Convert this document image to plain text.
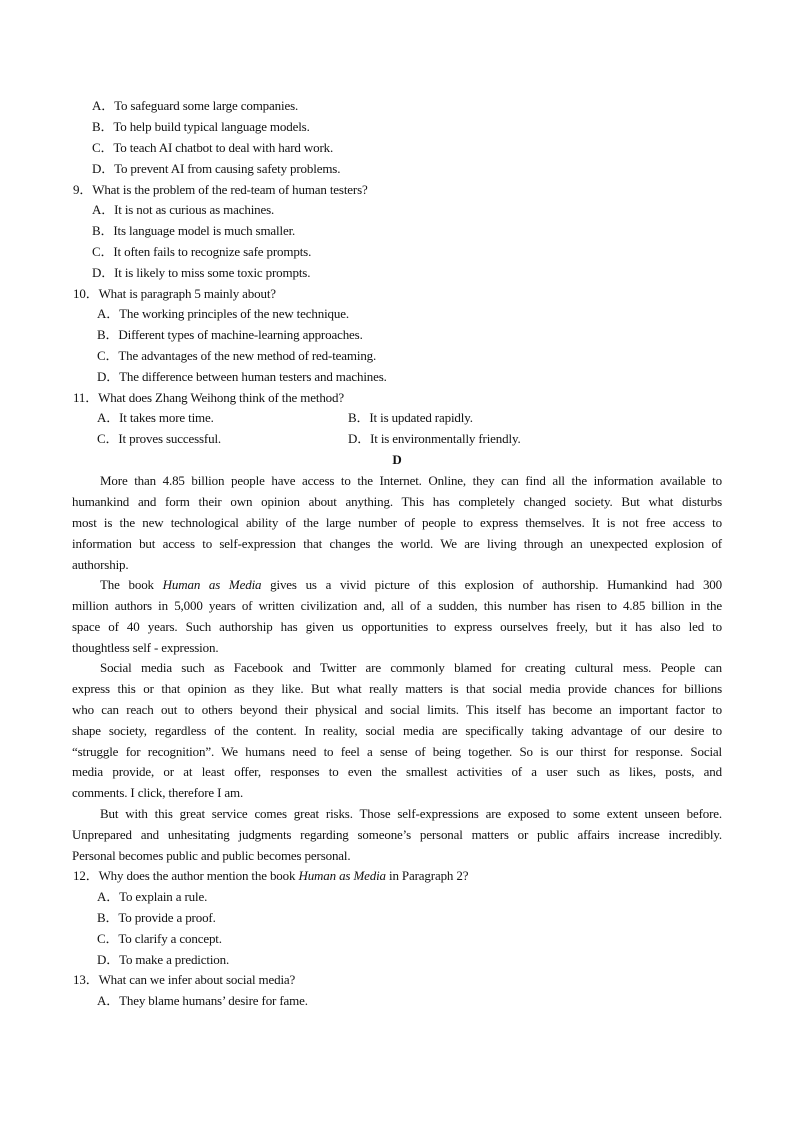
A．To safeguard some large companies.
B．To help build typical language models.
C．To teach AI chatbot to deal with hard work.
D．To prevent AI from causing safety problems.
9．What is the problem of the red-team of human testers?
A．It is not as curious as machines.
B．Its language model is much smaller.
C．It often fails to recognize safe prompts.
D．It is likely to miss some toxic prompts.
10．What is paragraph 5 mainly about?
A．The working principles of the new technique.
B．Different types of machine-learning approaches.
C．The advantages of the new method of red-teaming.
D．The difference between human testers and machines.
11．What does Zhang Weihong think of the method?
A．It takes more time.	B．It is updated rapidly.
C．It proves successful.	D．It is environmentally friendly.
D
More than 4.85 billion people have access to the Internet. Online, they can find all the information available to
humankind and form their own opinion about anything. This has completely changed society. But what disturbs
most is the new technological ability of the large number of people to express themselves. It is not free access to
information but access to self-expression that changes the world. We are living through an unexpected explosion of
authorship.
The book Human as Media gives us a vivid picture of this explosion of authorship. Humankind had 300
million authors in 5,000 years of written civilization and, all of a sudden, this number has risen to 4.85 billion in the
space of 40 years. Such authorship has given us opportunities to express ourselves freely, but it has also led to
thoughtless self - expression.
Social media such as Facebook and Twitter are commonly blamed for creating cultural mess. People can
express this or that opinion as they like. But what really matters is that social media provide chances for billions
who can reach out to others beyond their physical and social limits. This itself has become an important factor to
shape society, regardless of the content. In reality, social media are specifically taking advantage of our desire to
“struggle for recognition”. We humans need to feel a sense of being together. So is our thirst for response. Social
media provide, or at least offer, responses to even the smallest activities of a user such as likes, posts, and
comments. I click, therefore I am.
But with this great service comes great risks. Those self-expressions are exposed to some extent unseen before.
Unprepared and unhesitating judgments regarding someone’s personal matters or public affairs increase incredibly.
Personal becomes public and public becomes personal.
12．Why does the author mention the book Human as Media in Paragraph 2?
A．To explain a rule.
B．To provide a proof.
C．To clarify a concept.
D．To make a prediction.
13．What can we infer about social media?
A．They blame humans’ desire for fame.
